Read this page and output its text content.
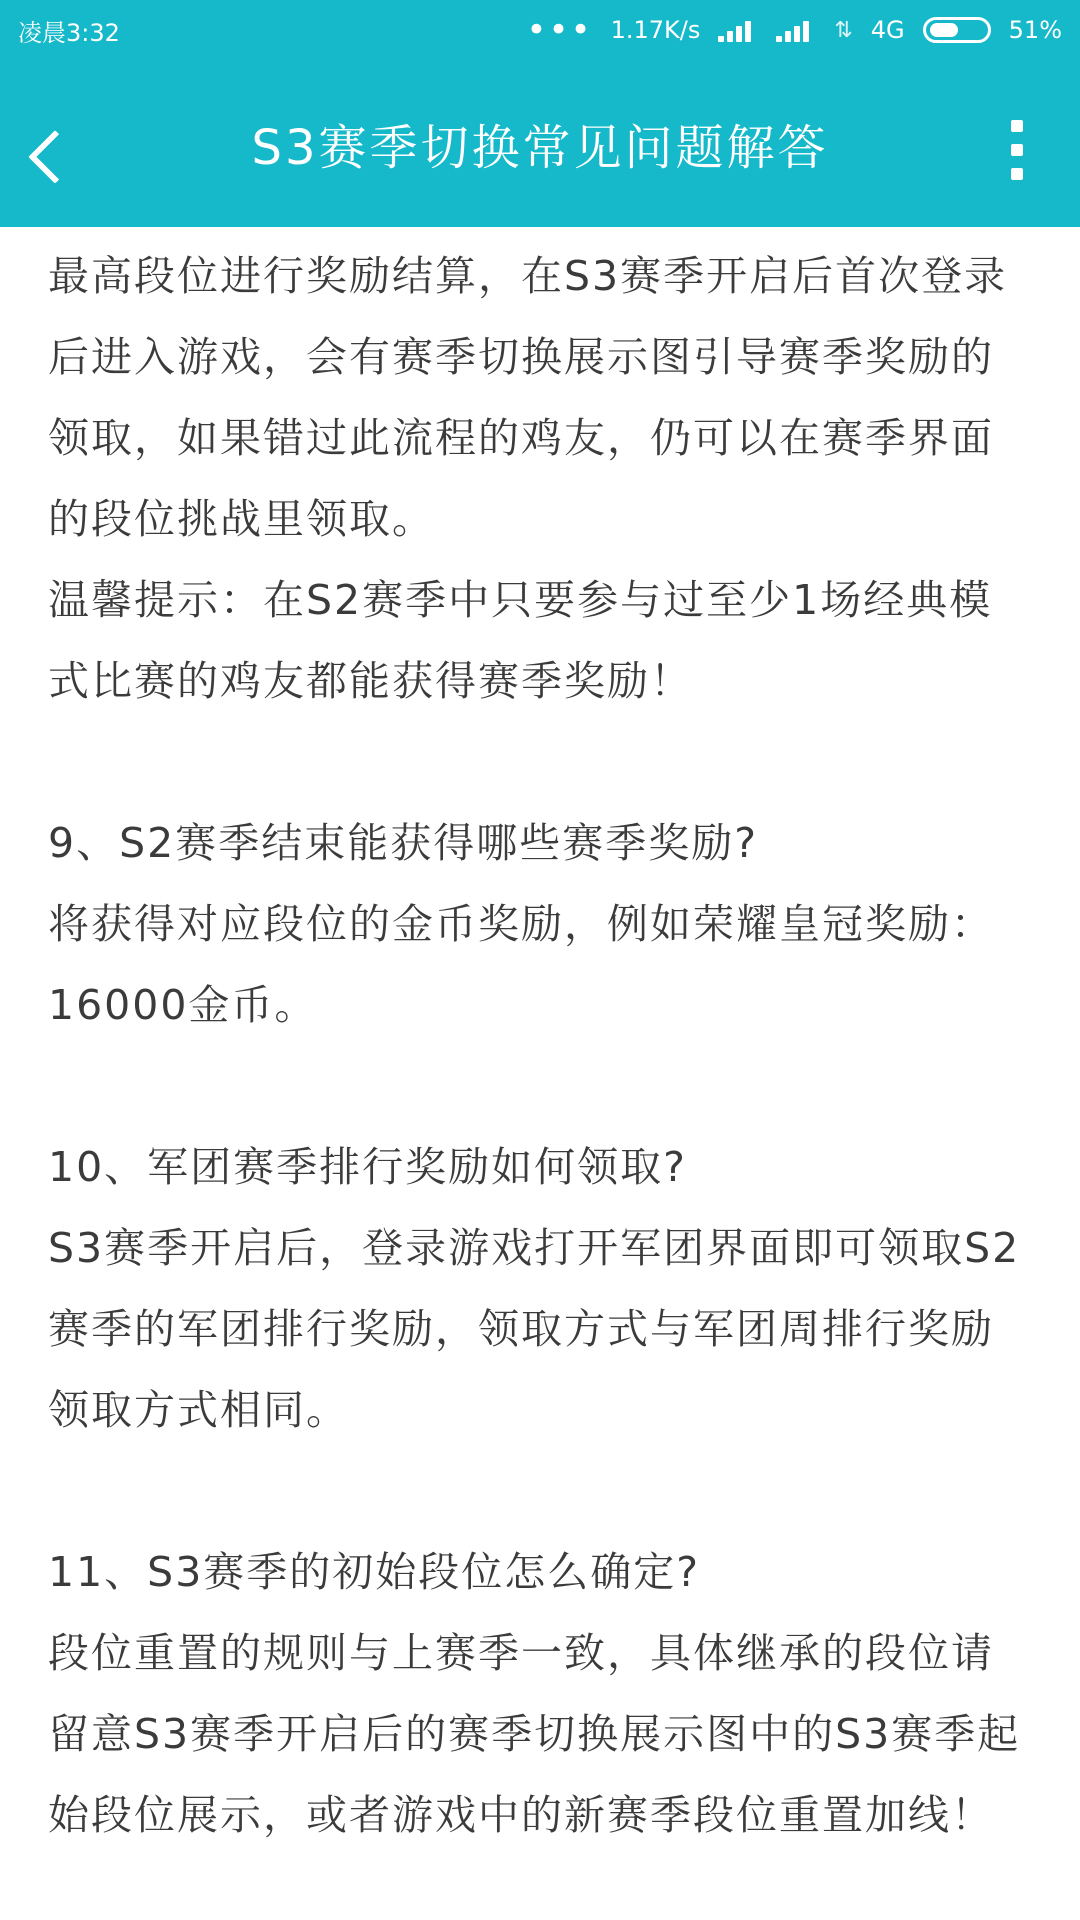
最高段位进行奖励结算，在S3赛季开启后首次登录后进入游戏，会有赛季切换展示图引导赛季奖励的领取，如果错过此流程的鸡友，仍可以在赛季界面的段位挑战里领取。

温馨提示：在S2赛季中只要参与过至少1场经典模式比赛的鸡友都能获得赛季奖励！

9、S2赛季结束能获得哪些赛季奖励?

将获得对应段位的金币奖励，例如荣耀皇冠奖励：16000金币。

10、军团赛季排行奖励如何领取?

S3赛季开启后，登录游戏打开军团界面即可领取S2赛季的军团排行奖励，领取方式与军团周排行奖励领取方式相同。

11、S3赛季的初始段位怎么确定?

段位重置的规则与上赛季一致，具体继承的段位请留意S3赛季开启后的赛季切换展示图中的S3赛季起始段位展示，或者游戏中的新赛季段位重置加线！

凌晨3:32	••• 1.17K/s	⇅ 4G	51%
S3赛季切换常见问题解答
